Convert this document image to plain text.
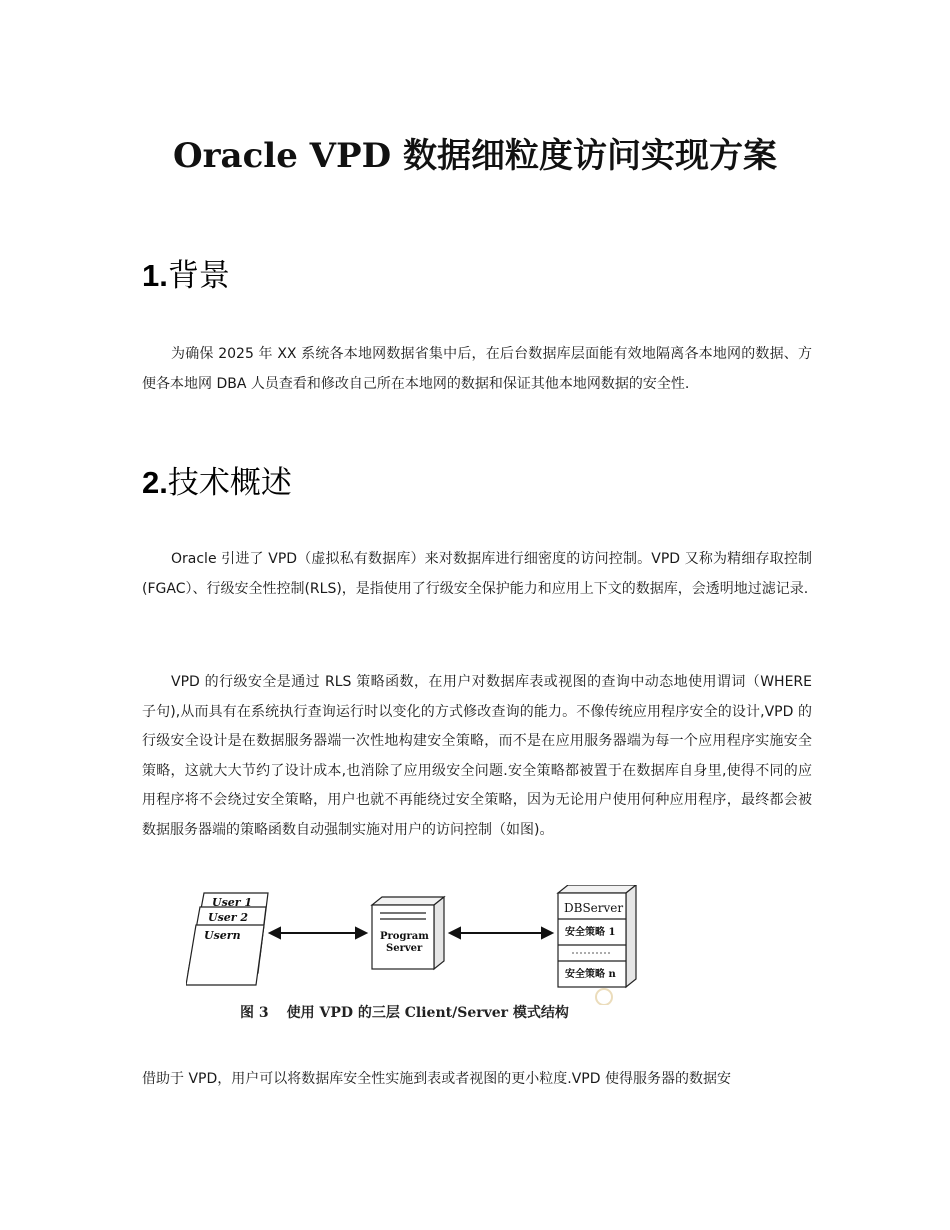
Oracle VPD 数据细粒度访问实现方案
1.背景

为确保 2025 年 XX 系统各本地网数据省集中后，在后台数据库层面能有效地隔离各本地网的数据、方便各本地网 DBA 人员查看和修改自己所在本地网的数据和保证其他本地网数据的安全性.

2.技术概述

Oracle 引进了 VPD（虚拟私有数据库）来对数据库进行细密度的访问控制。VPD 又称为精细存取控制(FGAC）、行级安全性控制(RLS)，是指使用了行级安全保护能力和应用上下文的数据库，会透明地过滤记录.

VPD 的行级安全是通过 RLS 策略函数，在用户对数据库表或视图的查询中动态地使用谓词（WHERE 子句),从而具有在系统执行查询运行时以变化的方式修改查询的能力。不像传统应用程序安全的设计,VPD 的行级安全设计是在数据服务器端一次性地构建安全策略，而不是在应用服务器端为每一个应用程序实施安全策略，这就大大节约了设计成本,也消除了应用级安全问题.安全策略都被置于在数据库自身里,使得不同的应用程序将不会绕过安全策略，用户也就不再能绕过安全策略，因为无论用户使用何种应用程序，最终都会被数据服务器端的策略函数自动强制实施对用户的访问控制（如图)。

User 1
User 2
Usern	Program
Server
DBServer
安全策略 1
安全策略 n
图 3 使用 VPD 的三层 Client/Server 模式结构

借助于 VPD，用户可以将数据库安全性实施到表或者视图的更小粒度.VPD 使得服务器的数据安
